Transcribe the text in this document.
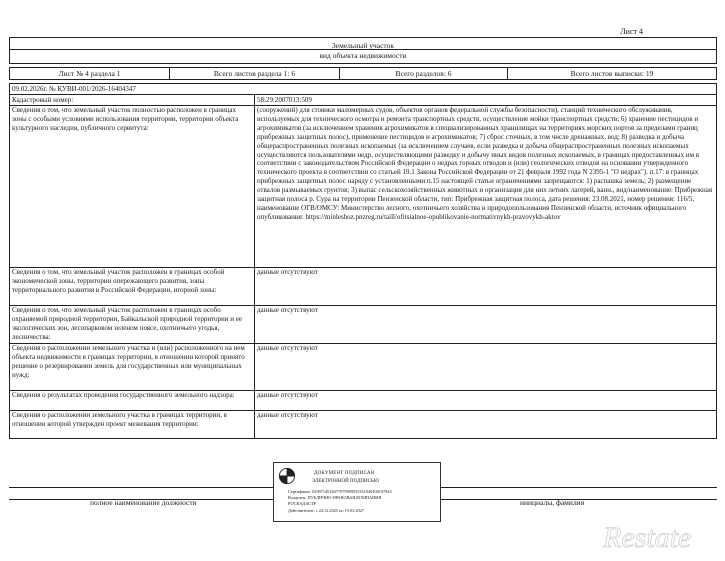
Лист 4
Земельный участок
вид объекта недвижимости
Лист № 4 раздела 1	Всего листов раздела 1: 6	Всего разделов: 6	Всего листов выписки: 19
09.02.2026г. № КУВИ-001/2026-16404347
Кадастровый номер:	58:29:2007013:509
Сведения о том, что земельный участок полностью расположен в границах зоны с особыми условиями использования территории, территории объекта культурного наследия, публичного сервитута:
(сооружений) для стоянки маломерных судов, объектов органов федеральной службы безопасности), станций технического обслуживания, используемых для технического осмотра и ремонта транспортных средств, осуществление мойки транспортных средств; 6) хранение пестицидов и агрохимикатов (за исключением хранения агрохимикатов в специализированных хранилищах на территориях морских портов за пределами границ прибрежных защитных полос), применение пестицидов и агрохимикатов; 7) сброс сточных, в том числе дренажных, вод; 8) разведка и добыча общераспространенных полезных ископаемых (за исключением случаев, если разведка и добыча общераспространенных полезных ископаемых осуществляются пользователями недр, осуществляющими разведку и добычу иных видов полезных ископаемых, в границах предоставленных им в соответствии с законодательством Российской Федерации о недрах горных отводов и (или) геологических отводов на основании утвержденного технического проекта в соответствии со статьей 19.1 Закона Российской Федерации от 21 февраля 1992 года N 2395-1 "О недрах"). п.17: в границах прибрежных защитных полос наряду с установленными п.15 настоящей статьи ограничениями запрещаются: 1) распашка земель; 2) размещение отвалов размываемых грунтов; 3) выпас сельскохозяйственных животных и организация для них летних лагерей, ванн., вид/наименование: Прибрежная защитная полоса р. Сура на территории Пензенской области, тип: Прибрежная защитная полоса, дата решения: 23.08.2021, номер решения: 116/5, наименование ОГВ/ОМСУ: Министерство лесного, охотничьего хозяйства и природопользования Пензенской области, источник официального опубликования: https://minleshoz.pnzreg.ru/taill/ofitsialnoe-opublikovanie-normativnykh-pravovykh-aktov
Сведения о том, что земельный участок расположен в границах особой экономической зоны, территории опережающего развития, зоны территориального развития в Российской Федерации, игорной зоны:
данные отсутствуют
Сведения о том, что земельный участок расположен в границах особо охраняемой природной территории, Байкальской природной территории и ее экологических зон, лесопарковом зеленом поясе, охотничьего угодья, лесничества:
данные отсутствуют
Сведения о расположении земельного участка и (или) расположенного на нем объекта недвижимости в границах территории, в отношении которой принято решение о резервировании земель для государственных или муниципальных нужд:
данные отсутствуют
Сведения о результатах проведения государственного земельного надзора:	данные отсутствуют
Сведения о расположении земельного участка в границах территории, в отношении которой утвержден проект межевания территории:
данные отсутствуют
полное наименование должности	инициалы, фамилия
ДОКУМЕНТ ПОДПИСАН
ЭЛЕКТРОННОЙ ПОДПИСЬЮ
Сертификат: 0299714018477079989555351040400197843
Владелец: ПУБЛИЧНО-ПРАВОВАЯ КОМПАНИЯ
РОСКАДАСТР
Действителен: с 24.12.2025 по 19.03.2027
Restate
